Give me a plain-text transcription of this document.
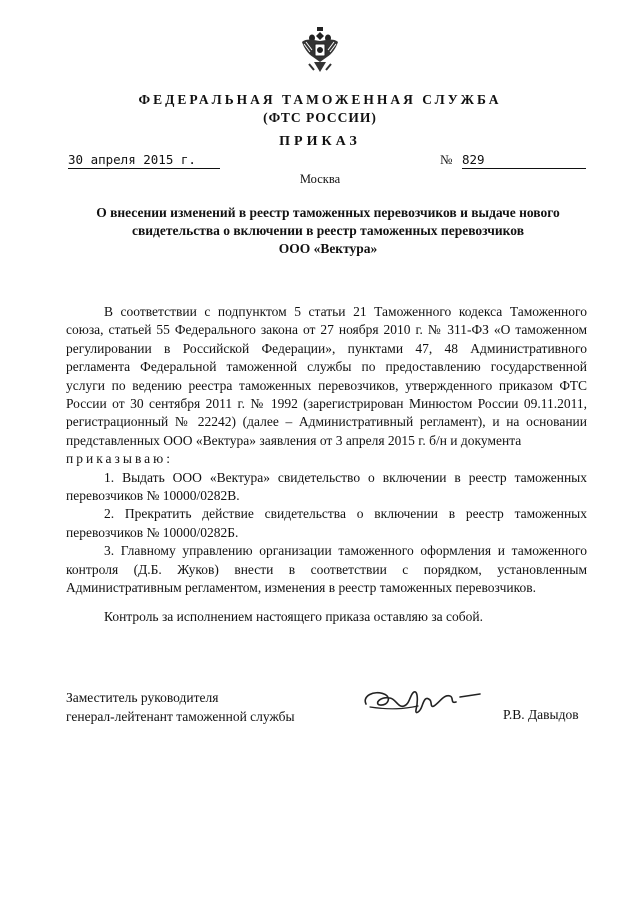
ФЕДЕРАЛЬНАЯ ТАМОЖЕННАЯ СЛУЖБА
(ФТС РОССИИ)
ПРИКАЗ
30 апреля 2015 г.	№ 829
Москва
О внесении изменений в реестр таможенных перевозчиков и выдаче нового
свидетельства о включении в реестр таможенных перевозчиков
ООО «Вектура»

В соответствии с подпунктом 5 статьи 21 Таможенного кодекса Таможенного союза, статьей 55 Федерального закона от 27 ноября 2010 г. № 311-ФЗ «О таможенном регулировании в Российской Федерации», пунктами 47, 48 Административного регламента Федеральной таможенной службы по предоставлению государственной услуги по ведению реестра таможенных перевозчиков, утвержденного приказом ФТС России от 30 сентября 2011 г. № 1992 (зарегистрирован Минюстом России 09.11.2011, регистрационный № 22242) (далее – Административный регламент), и на основании представленных ООО «Вектура» заявления от 3 апреля 2015 г. б/н и документа

приказываю:

1. Выдать ООО «Вектура» свидетельство о включении в реестр таможенных перевозчиков № 10000/0282В.

2. Прекратить действие свидетельства о включении в реестр таможенных перевозчиков № 10000/0282Б.

3. Главному управлению организации таможенного оформления и таможенного контроля (Д.Б. Жуков) внести в соответствии с порядком, установленным Административным регламентом, изменения в реестр таможенных перевозчиков.

Контроль за исполнением настоящего приказа оставляю за собой.

Заместитель руководителя
генерал-лейтенант таможенной службы	Р.В. Давыдов
